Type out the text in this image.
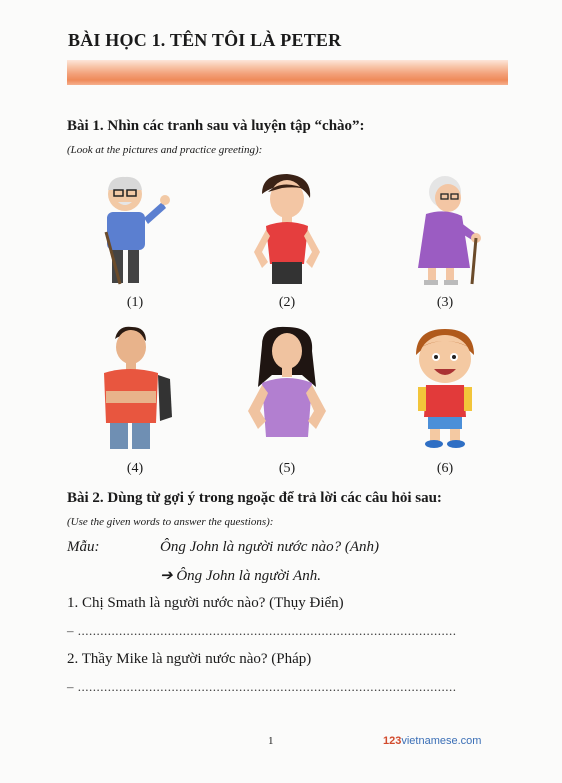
BÀI HỌC 1. TÊN TÔI LÀ PETER
Bài 1. Nhìn các tranh sau và luyện tập “chào”:
(Look at the pictures and practice greeting):
(1)	(2)	(3)
(4)	(5)	(6)
Bài 2. Dùng từ gợi ý trong ngoặc để trả lời các câu hỏi sau:
(Use the given words to answer the questions):
Mẫu:	Ông John là người nước nào? (Anh)
➔ Ông John là người Anh.
1. Chị Smath là người nước nào? (Thụy Điển)
– .....................................................................................................
2. Thầy Mike là người nước nào? (Pháp)
– .....................................................................................................
1	123vietnamese.com
